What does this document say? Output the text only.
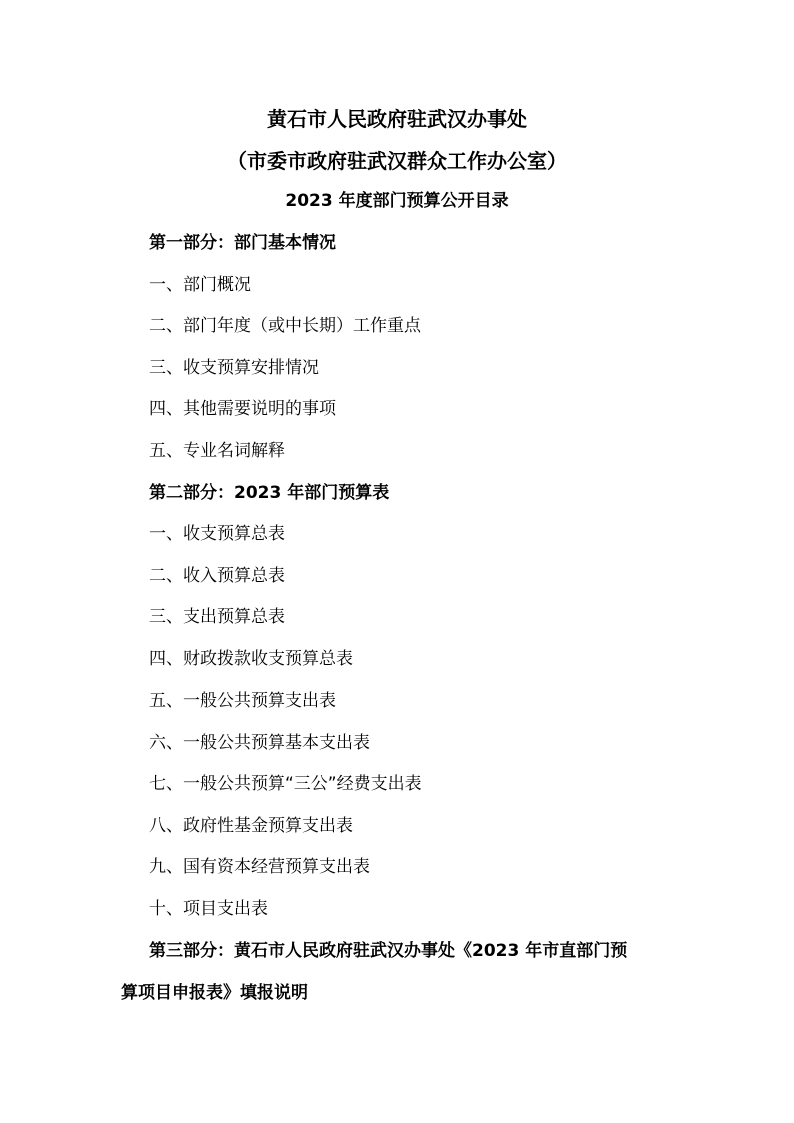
黄石市人民政府驻武汉办事处
（市委市政府驻武汉群众工作办公室）
2023 年度部门预算公开目录
第一部分：部门基本情况
一、部门概况
二、部门年度（或中长期）工作重点
三、收支预算安排情况
四、其他需要说明的事项
五、专业名词解释
第二部分：2023 年部门预算表
一、收支预算总表
二、收入预算总表
三、支出预算总表
四、财政拨款收支预算总表
五、一般公共预算支出表
六、一般公共预算基本支出表
七、一般公共预算“三公”经费支出表
八、政府性基金预算支出表
九、国有资本经营预算支出表
十、项目支出表
第三部分：黄石市人民政府驻武汉办事处《2023 年市直部门预
算项目申报表》填报说明
